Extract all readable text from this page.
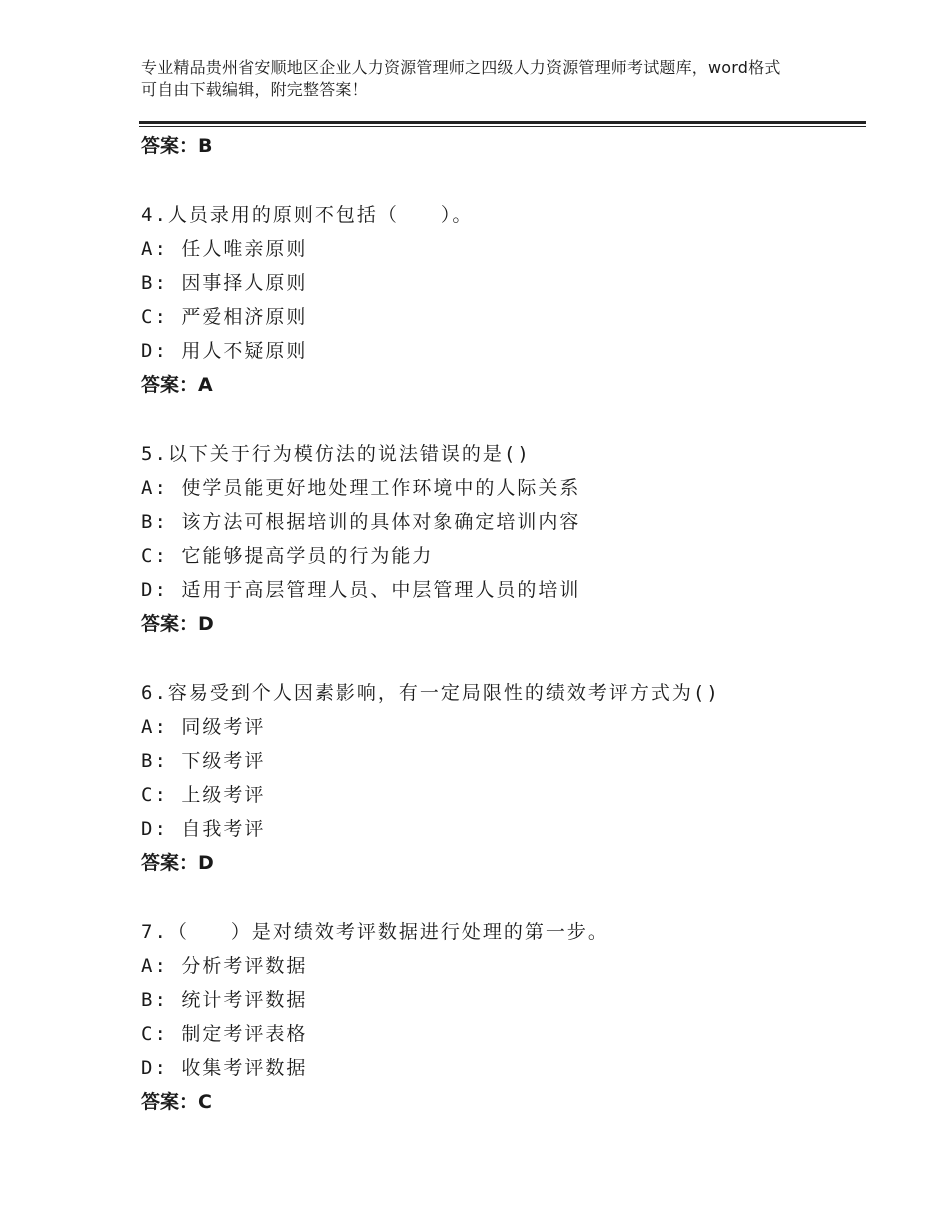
专业精品贵州省安顺地区企业人力资源管理师之四级人力资源管理师考试题库，word格式可自由下载编辑，附完整答案！
答案：B
4.人员录用的原则不包括（　　）。
A: 任人唯亲原则
B: 因事择人原则
C: 严爱相济原则
D: 用人不疑原则
答案：A
5.以下关于行为模仿法的说法错误的是()
A: 使学员能更好地处理工作环境中的人际关系
B: 该方法可根据培训的具体对象确定培训内容
C: 它能够提高学员的行为能力
D: 适用于高层管理人员、中层管理人员的培训
答案：D
6.容易受到个人因素影响，有一定局限性的绩效考评方式为()
A: 同级考评
B: 下级考评
C: 上级考评
D: 自我考评
答案：D
7.（　　）是对绩效考评数据进行处理的第一步。
A: 分析考评数据
B: 统计考评数据
C: 制定考评表格
D: 收集考评数据
答案：C
